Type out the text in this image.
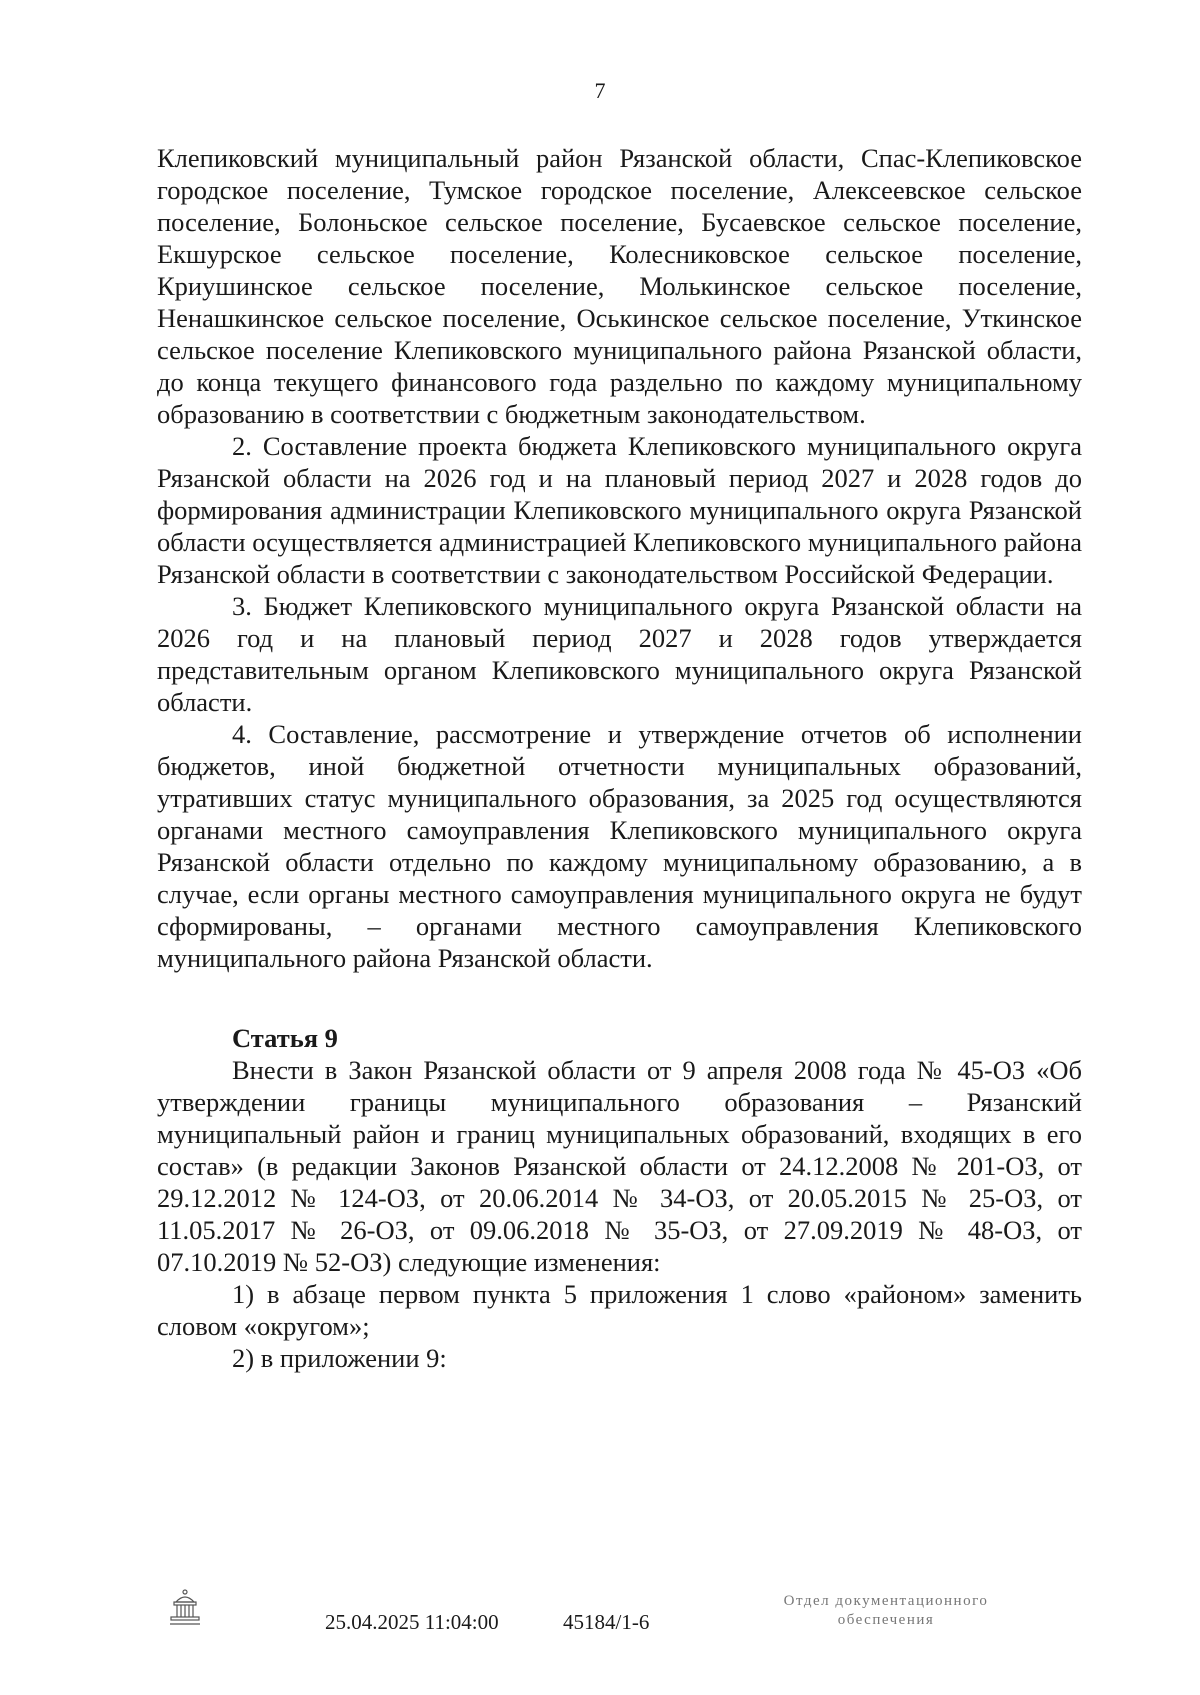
7

Клепиковский муниципальный район Рязанской области, Спас-Клепиковское городское поселение, Тумское городское поселение, Алексеевское сельское поселение, Болоньское сельское поселение, Бусаевское сельское поселение, Екшурское сельское поселение, Колесниковское сельское поселение, Криушинское сельское поселение, Молькинское сельское поселение, Ненашкинское сельское поселение, Оськинское сельское поселение, Уткинское сельское поселение Клепиковского муниципального района Рязанской области, до конца текущего финансового года раздельно по каждому муниципальному образованию в соответствии с бюджетным законодательством.

2. Составление проекта бюджета Клепиковского муниципального округа Рязанской области на 2026 год и на плановый период 2027 и 2028 годов до формирования администрации Клепиковского муниципального округа Рязанской области осуществляется администрацией Клепиковского муниципального района Рязанской области в соответствии с законодательством Российской Федерации.

3. Бюджет Клепиковского муниципального округа Рязанской области на 2026 год и на плановый период 2027 и 2028 годов утверждается представительным органом Клепиковского муниципального округа Рязанской области.

4. Составление, рассмотрение и утверждение отчетов об исполнении бюджетов, иной бюджетной отчетности муниципальных образований, утративших статус муниципального образования, за 2025 год осуществляются органами местного самоуправления Клепиковского муниципального округа Рязанской области отдельно по каждому муниципальному образованию, а в случае, если органы местного самоуправления муниципального округа не будут сформированы, – органами местного самоуправления Клепиковского муниципального района Рязанской области.

Статья 9

Внести в Закон Рязанской области от 9 апреля 2008 года № 45-ОЗ «Об утверждении границы муниципального образования – Рязанский муниципальный район и границ муниципальных образований, входящих в его состав» (в редакции Законов Рязанской области от 24.12.2008 № 201-ОЗ, от 29.12.2012 № 124-ОЗ, от 20.06.2014 № 34-ОЗ, от 20.05.2015 № 25-ОЗ, от 11.05.2017 № 26-ОЗ, от 09.06.2018 № 35-ОЗ, от 27.09.2019 № 48-ОЗ, от 07.10.2019 № 52-ОЗ) следующие изменения:

1) в абзаце первом пункта 5 приложения 1 слово «районом» заменить словом «округом»;

2) в приложении 9:

25.04.2025 11:04:00	45184/1-6
Отдел документационного
обеспечения
